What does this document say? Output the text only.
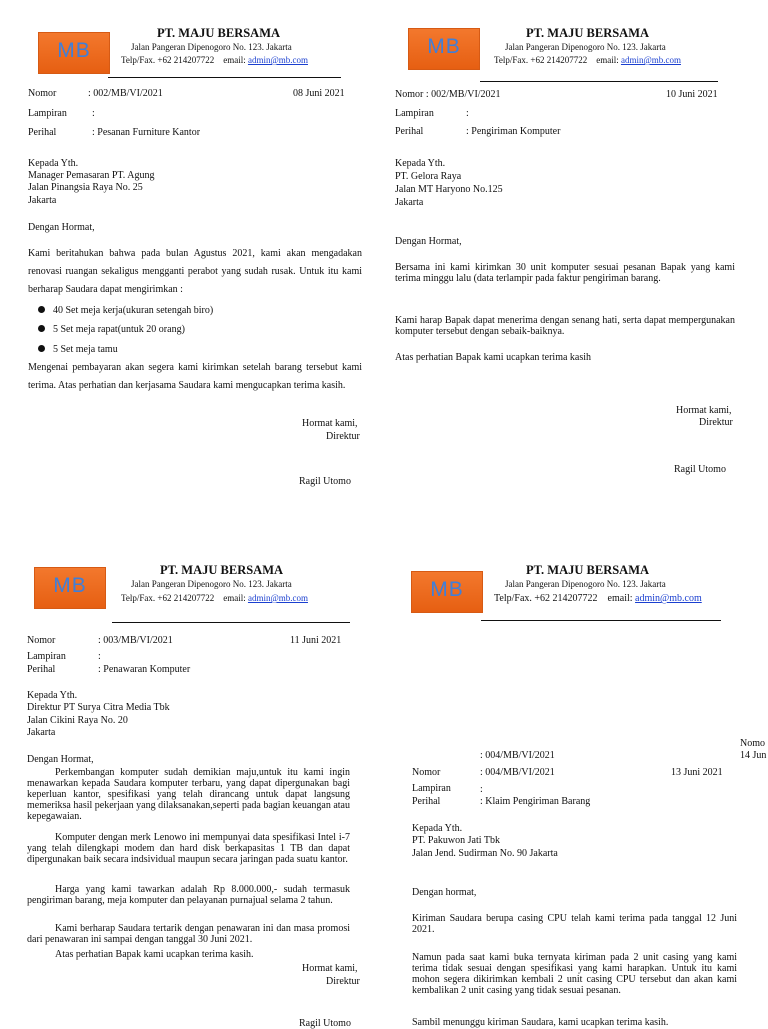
MB
PT. MAJU BERSAMA
Jalan Pangeran Dipenogoro No. 123. Jakarta
Telp/Fax. +62 214207722 email: admin@mb.com
Nomor	: 002/MB/VI/2021	08 Juni 2021
Lampiran	:
Perihal	: Pesanan Furniture Kantor
Kepada Yth.
Manager Pemasaran PT. Agung
Jalan Pinangsia Raya No. 25
Jakarta
Dengan Hormat,
Kami beritahukan bahwa pada bulan Agustus 2021, kami akan mengadakan renovasi ruangan sekaligus mengganti perabot yang sudah rusak. Untuk itu kami berharap Saudara dapat mengirimkan :
40 Set meja kerja(ukuran setengah biro)
5 Set meja rapat(untuk 20 orang)
5 Set meja tamu
Mengenai pembayaran akan segera kami kirimkan setelah barang tersebut kami terima. Atas perhatian dan kerjasama Saudara kami mengucapkan terima kasih.
Hormat kami,
Direktur
Ragil Utomo
MB
PT. MAJU BERSAMA
Jalan Pangeran Dipenogoro No. 123. Jakarta
Telp/Fax. +62 214207722 email: admin@mb.com
Nomor : 002/MB/VI/2021	10 Juni 2021
Lampiran	:
Perihal	: Pengiriman Komputer
Kepada Yth.
PT. Gelora Raya
Jalan MT Haryono No.125
Jakarta
Dengan Hormat,
Bersama ini kami kirimkan 30 unit komputer sesuai pesanan Bapak yang kami terima minggu lalu (data terlampir pada faktur pengiriman barang.
Kami harap Bapak dapat menerima dengan senang hati, serta dapat mempergunakan komputer tersebut dengan sebaik-baiknya.
Atas perhatian Bapak kami ucapkan terima kasih
Hormat kami,
Direktur
Ragil Utomo
MB
PT. MAJU BERSAMA
Jalan Pangeran Dipenogoro No. 123. Jakarta
Telp/Fax. +62 214207722 email: admin@mb.com
Nomor	: 003/MB/VI/2021	11 Juni 2021
Lampiran	:
Perihal	: Penawaran Komputer
Kepada Yth.
Direktur PT Surya Citra Media Tbk
Jalan Cikini Raya No. 20
Jakarta
Dengan Hormat,
Perkembangan komputer sudah demikian maju,untuk itu kami ingin menawarkan kepada Saudara komputer terbaru, yang dapat dipergunakan bagi keperluan kantor, spesifikasi yang telah dirancang untuk dapat langsung memeriksa hasil pekerjaan yang dilaksanakan,seperti pada bagian keuangan atau kepegawaian.
Komputer dengan merk Lenowo ini mempunyai data spesifikasi Intel i-7 yang telah dilengkapi modem dan hard disk berkapasitas 1 TB dan dapat dipergunakan baik secara indsividual maupun secara jaringan pada suatu kantor.
Harga yang kami tawarkan adalah Rp 8.000.000,- sudah termasuk pengiriman barang, meja komputer dan pelayanan purnajual selama 2 tahun.
Kami berharap Saudara tertarik dengan penawaran ini dan masa promosi dari penawaran ini sampai dengan tanggal 30 Juni 2021.
Atas perhatian Bapak kami ucapkan terima kasih.
Hormat kami,
Direktur
Ragil Utomo
MB
PT. MAJU BERSAMA
Jalan Pangeran Dipenogoro No. 123. Jakarta
Telp/Fax. +62 214207722 email: admin@mb.com
Nomo
14 Jun
: 004/MB/VI/2021
Nomor	: 004/MB/VI/2021	13 Juni 2021
Lampiran	:
Perihal	: Klaim Pengiriman Barang
Kepada Yth.
PT. Pakuwon Jati Tbk
Jalan Jend. Sudirman No. 90 Jakarta
Dengan hormat,
Kiriman Saudara berupa casing CPU telah kami terima pada tanggal 12 Juni 2021.
Namun pada saat kami buka ternyata kiriman pada 2 unit casing yang kami terima tidak sesuai dengan spesifikasi yang kami harapkan. Untuk itu kami mohon segera dikirimkan kembali 2 unit casing CPU tersebut dan akan kami kembalikan 2 unit casing yang tidak sesuai pesanan.
Sambil menunggu kiriman Saudara, kami ucapkan terima kasih.
